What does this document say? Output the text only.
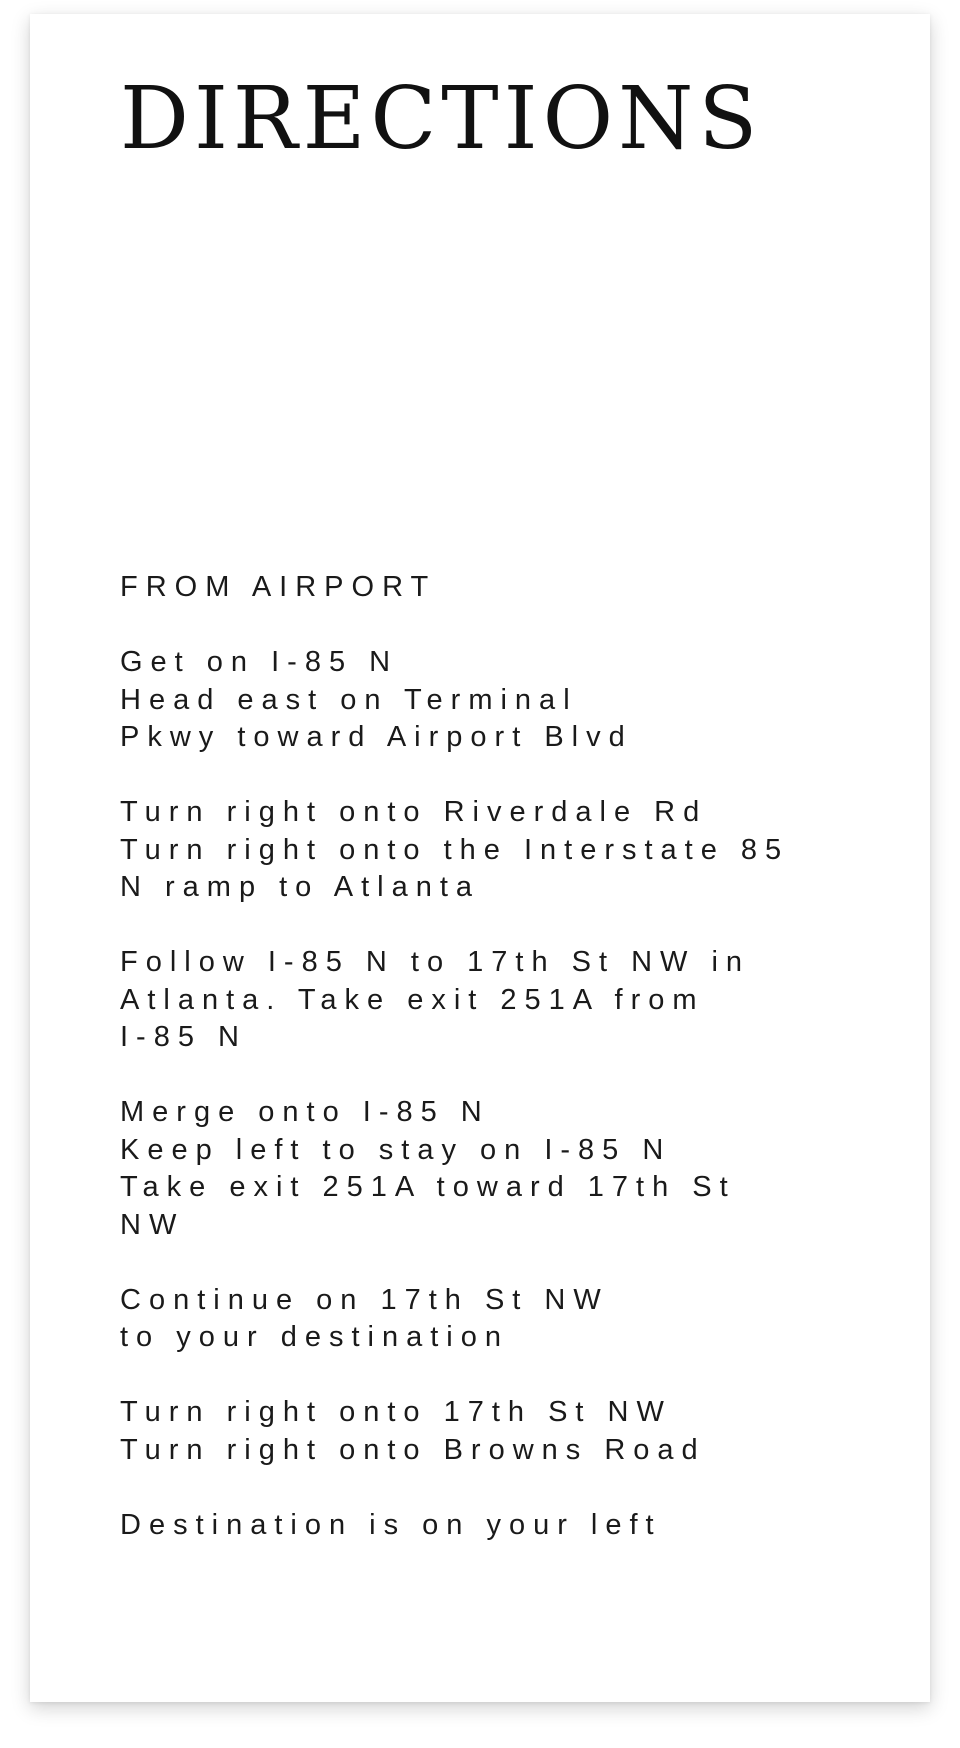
DIRECTIONS
FROM AIRPORT
Get on I-85 N
Head east on Terminal
Pkwy toward Airport Blvd
Turn right onto Riverdale Rd
Turn right onto the Interstate 85
N ramp to Atlanta
Follow I-85 N to 17th St NW in
Atlanta. Take exit 251A from
I-85 N
Merge onto I-85 N
Keep left to stay on I-85 N
Take exit 251A toward 17th St
NW
Continue on 17th St NW
to your destination
Turn right onto 17th St NW
Turn right onto Browns Road
Destination is on your left
